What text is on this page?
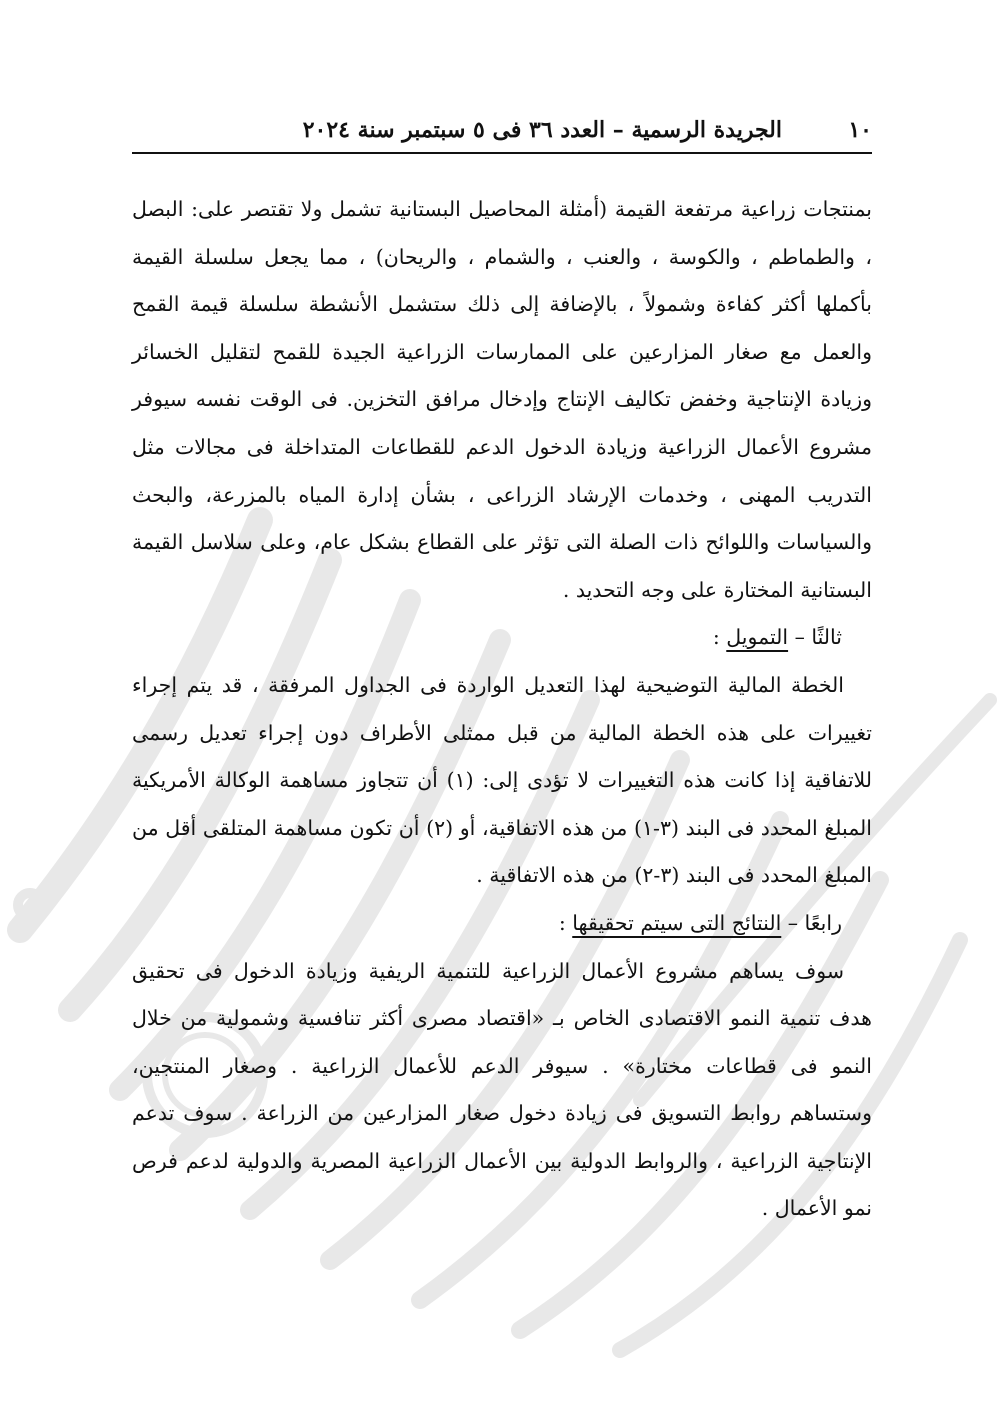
١٠
الجريدة الرسمية – العدد ٣٦ فى ٥ سبتمبر سنة ٢٠٢٤

بمنتجات زراعية مرتفعة القيمة (أمثلة المحاصيل البستانية تشمل ولا تقتصر على: البصل ، والطماطم ، والكوسة ، والعنب ، والشمام ، والريحان) ، مما يجعل سلسلة القيمة بأكملها أكثر كفاءة وشمولاً ، بالإضافة إلى ذلك ستشمل الأنشطة سلسلة قيمة القمح والعمل مع صغار المزارعين على الممارسات الزراعية الجيدة للقمح لتقليل الخسائر وزيادة الإنتاجية وخفض تكاليف الإنتاج وإدخال مرافق التخزين. فى الوقت نفسه سيوفر مشروع الأعمال الزراعية وزيادة الدخول الدعم للقطاعات المتداخلة فى مجالات مثل التدريب المهنى ، وخدمات الإرشاد الزراعى ، بشأن إدارة المياه بالمزرعة، والبحث والسياسات واللوائح ذات الصلة التى تؤثر على القطاع بشكل عام، وعلى سلاسل القيمة البستانية المختارة على وجه التحديد .

ثالثًا – التمويل :

الخطة المالية التوضيحية لهذا التعديل الواردة فى الجداول المرفقة ، قد يتم إجراء تغييرات على هذه الخطة المالية من قبل ممثلى الأطراف دون إجراء تعديل رسمى للاتفاقية إذا كانت هذه التغييرات لا تؤدى إلى: (١) أن تتجاوز مساهمة الوكالة الأمريكية المبلغ المحدد فى البند (٣-١) من هذه الاتفاقية، أو (٢) أن تكون مساهمة المتلقى أقل من المبلغ المحدد فى البند (٣-٢) من هذه الاتفاقية .

رابعًا – النتائج التى سيتم تحقيقها :

سوف يساهم مشروع الأعمال الزراعية للتنمية الريفية وزيادة الدخول فى تحقيق هدف تنمية النمو الاقتصادى الخاص بـ «اقتصاد مصرى أكثر تنافسية وشمولية من خلال النمو فى قطاعات مختارة» . سيوفر الدعم للأعمال الزراعية . وصغار المنتجين، وستساهم روابط التسويق فى زيادة دخول صغار المزارعين من الزراعة . سوف تدعم الإنتاجية الزراعية ، والروابط الدولية بين الأعمال الزراعية المصرية والدولية لدعم فرص نمو الأعمال .
